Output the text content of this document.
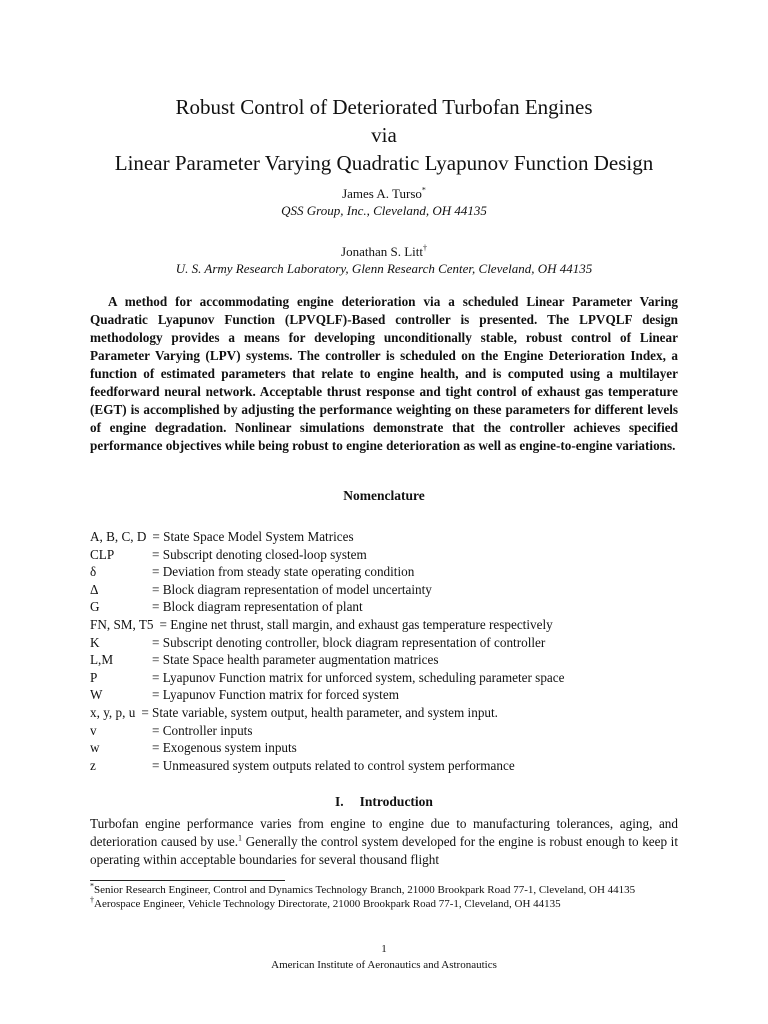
Robust Control of Deteriorated Turbofan Engines
via
Linear Parameter Varying Quadratic Lyapunov Function Design
James A. Turso*
QSS Group, Inc., Cleveland, OH 44135
Jonathan S. Litt†
U. S. Army Research Laboratory, Glenn Research Center, Cleveland, OH 44135
A method for accommodating engine deterioration via a scheduled Linear Parameter Varing Quadratic Lyapunov Function (LPVQLF)-Based controller is presented. The LPVQLF design methodology provides a means for developing unconditionally stable, robust control of Linear Parameter Varying (LPV) systems. The controller is scheduled on the Engine Deterioration Index, a function of estimated parameters that relate to engine health, and is computed using a multilayer feedforward neural network. Acceptable thrust response and tight control of exhaust gas temperature (EGT) is accomplished by adjusting the performance weighting on these parameters for different levels of engine degradation. Nonlinear simulations demonstrate that the controller achieves specified performance objectives while being robust to engine deterioration as well as engine-to-engine variations.
Nomenclature
A, B, C, D = State Space Model System Matrices
CLP	= Subscript denoting closed-loop system
δ	= Deviation from steady state operating condition
Δ	= Block diagram representation of model uncertainty
G	= Block diagram representation of plant
FN, SM, T5 = Engine net thrust, stall margin, and exhaust gas temperature respectively
K	= Subscript denoting controller, block diagram representation of controller
L,M	= State Space health parameter augmentation matrices
P	= Lyapunov Function matrix for unforced system, scheduling parameter space
W	= Lyapunov Function matrix for forced system
x, y, p, u = State variable, system output, health parameter, and system input.
v	= Controller inputs
w	= Exogenous system inputs
z	= Unmeasured system outputs related to control system performance
I. Introduction
Turbofan engine performance varies from engine to engine due to manufacturing tolerances, aging, and deterioration caused by use.$^1$ Generally the control system developed for the engine is robust enough to keep it operating within acceptable boundaries for several thousand flight
*Senior Research Engineer, Control and Dynamics Technology Branch, 21000 Brookpark Road 77-1, Cleveland, OH 44135
†Aerospace Engineer, Vehicle Technology Directorate, 21000 Brookpark Road 77-1, Cleveland, OH 44135
1
American Institute of Aeronautics and Astronautics
